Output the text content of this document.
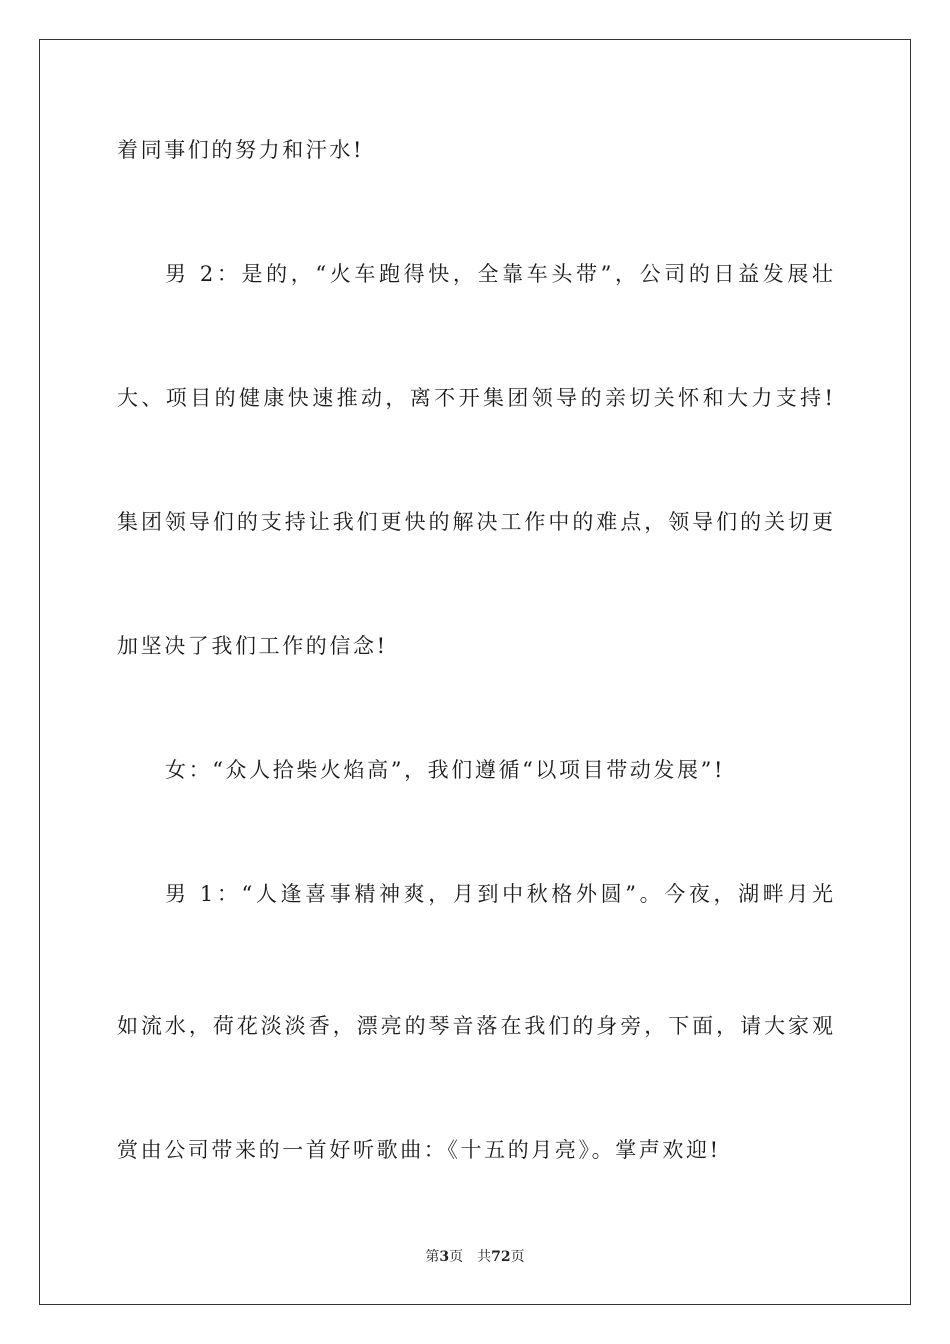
着同事们的努力和汗水!
男 2：是的，“火车跑得快，全靠车头带”，公司的日益发展壮
大、项目的健康快速推动，离不开集团领导的亲切关怀和大力支持!
集团领导们的支持让我们更快的解决工作中的难点，领导们的关切更
加坚决了我们工作的信念!
女：“众人拾柴火焰高”，我们遵循“以项目带动发展”!
男 1：“人逢喜事精神爽，月到中秋格外圆”。今夜，湖畔月光
如流水，荷花淡淡香，漂亮的琴音落在我们的身旁，下面，请大家观
赏由公司带来的一首好听歌曲：《十五的月亮》。掌声欢迎!
第3页 共72页
